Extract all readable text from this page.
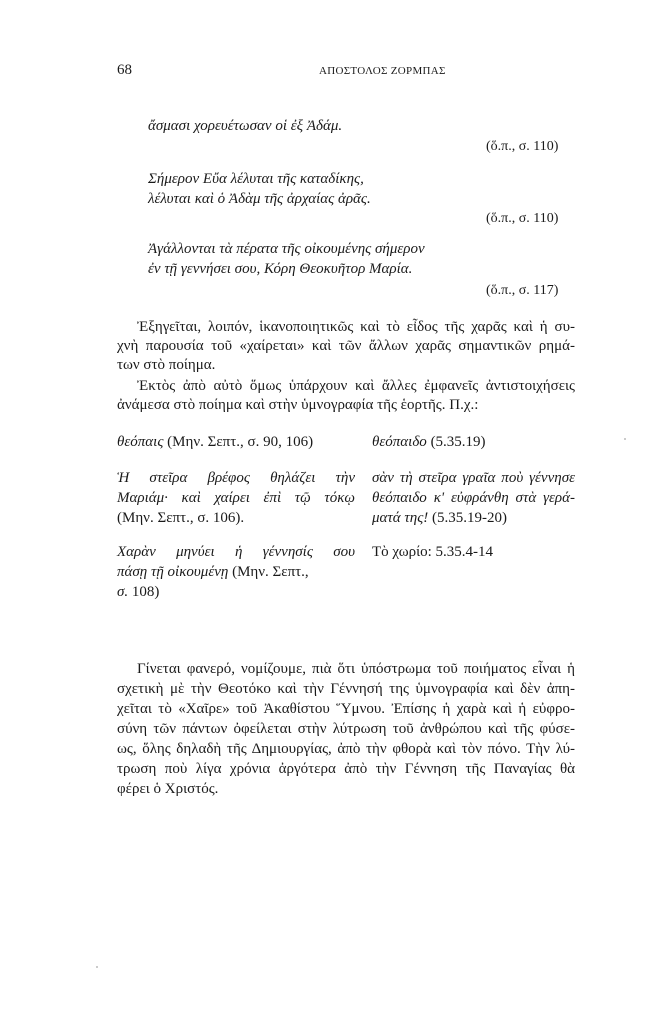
68	ΑΠΟΣΤΟΛΟΣ ΖΟΡΜΠΑΣ
ἄσμασι χορευέτωσαν οἱ ἐξ Ἀδάμ.
(ὅ.π., σ. 110)
Σήμερον Εὔα λέλυται τῆς καταδίκης,
λέλυται καὶ ὁ Ἀδὰμ τῆς ἀρχαίας ἀρᾶς.
(ὅ.π., σ. 110)
Ἀγάλλονται τὰ πέρατα τῆς οἰκουμένης σήμερον
ἐν τῇ γεννήσει σου, Κόρη Θεοκυῆτορ Μαρία.
(ὅ.π., σ. 117)
Ἐξηγεῖται, λοιπόν, ἱκανοποιητικῶς καὶ τὸ εἶδος τῆς χαρᾶς καὶ ἡ συ-
χνὴ παρουσία τοῦ «χαίρεται» καὶ τῶν ἄλλων χαρᾶς σημαντικῶν ρημά-
των στὸ ποίημα.
Ἐκτὸς ἀπὸ αὐτὸ ὅμως ὑπάρχουν καὶ ἄλλες ἐμφανεῖς ἀντιστοιχήσεις
ἀνάμεσα στὸ ποίημα καὶ στὴν ὑμνογραφία τῆς ἑορτῆς. Π.χ.:
θεόπαις (Μην. Σεπτ., σ. 90, 106)	θεόπαιδο (5.35.19)
Ἡ στεῖρα βρέφος θηλάζει τὴν
Μαριάμ· καὶ χαίρει ἐπὶ τῷ τόκῳ
(Μην. Σεπτ., σ. 106).
σὰν τὴ στεῖρα γραῖα ποὺ γέννησε
θεόπαιδο κ' εὐφράνθη στὰ γερά-
ματά της! (5.35.19-20)
Χαρὰν μηνύει ἡ γέννησίς σου
πάσῃ τῇ οἰκουμένῃ (Μην. Σεπτ.,
σ. 108)
Τὸ χωρίο: 5.35.4-14
Γίνεται φανερό, νομίζουμε, πιὰ ὅτι ὑπόστρωμα τοῦ ποιήματος εἶναι ἡ
σχετικὴ μὲ τὴν Θεοτόκο καὶ τὴν Γέννησή της ὑμνογραφία καὶ δὲν ἀπη-
χεῖται τὸ «Χαῖρε» τοῦ Ἀκαθίστου Ὕμνου. Ἐπίσης ἡ χαρὰ καὶ ἡ εὐφρο-
σύνη τῶν πάντων ὀφείλεται στὴν λύτρωση τοῦ ἀνθρώπου καὶ τῆς φύσε-
ως, ὅλης δηλαδὴ τῆς Δημιουργίας, ἀπὸ τὴν φθορὰ καὶ τὸν πόνο. Τὴν λύ-
τρωση ποὺ λίγα χρόνια ἀργότερα ἀπὸ τὴν Γέννηση τῆς Παναγίας θὰ
φέρει ὁ Χριστός.
